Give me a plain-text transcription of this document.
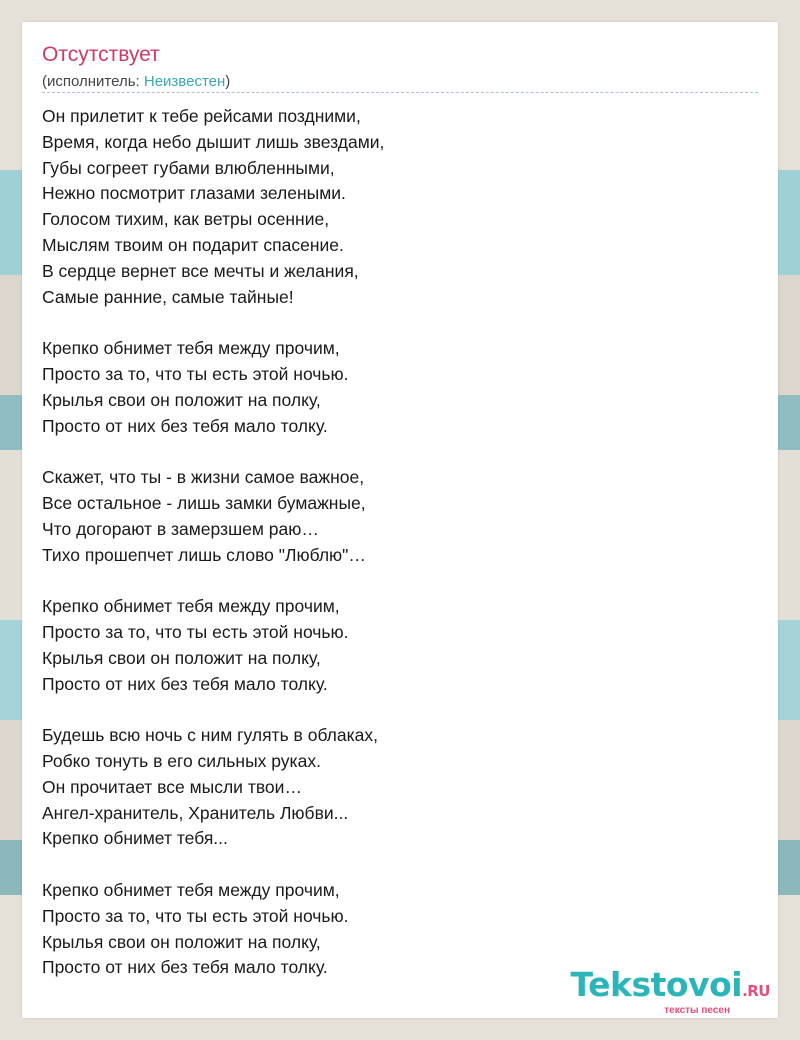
Отсутствует
(исполнитель: Неизвестен)
Он прилетит к тебе рейсами поздними,
Время, когда небо дышит лишь звездами,
Губы согреет губами влюбленными,
Нежно посмотрит глазами зелеными.
Голосом тихим, как ветры осенние,
Мыслям твоим он подарит спасение.
В сердце вернет все мечты и желания,
Самые ранние, самые тайные!
Крепко обнимет тебя между прочим,
Просто за то, что ты есть этой ночью.
Крылья свои он положит на полку,
Просто от них без тебя мало толку.
Скажет, что ты - в жизни самое важное,
Все остальное - лишь замки бумажные,
Что догорают в замерзшем раю…
Тихо прошепчет лишь слово "Люблю"…
Крепко обнимет тебя между прочим,
Просто за то, что ты есть этой ночью.
Крылья свои он положит на полку,
Просто от них без тебя мало толку.
Будешь всю ночь с ним гулять в облаках,
Робко тонуть в его сильных руках.
Он прочитает все мысли твои…
Ангел-хранитель, Хранитель Любви...
Крепко обнимет тебя...
Крепко обнимет тебя между прочим,
Просто за то, что ты есть этой ночью.
Крылья свои он положит на полку,
Просто от них без тебя мало толку.	Tekstovoi.RU
тексты песен
